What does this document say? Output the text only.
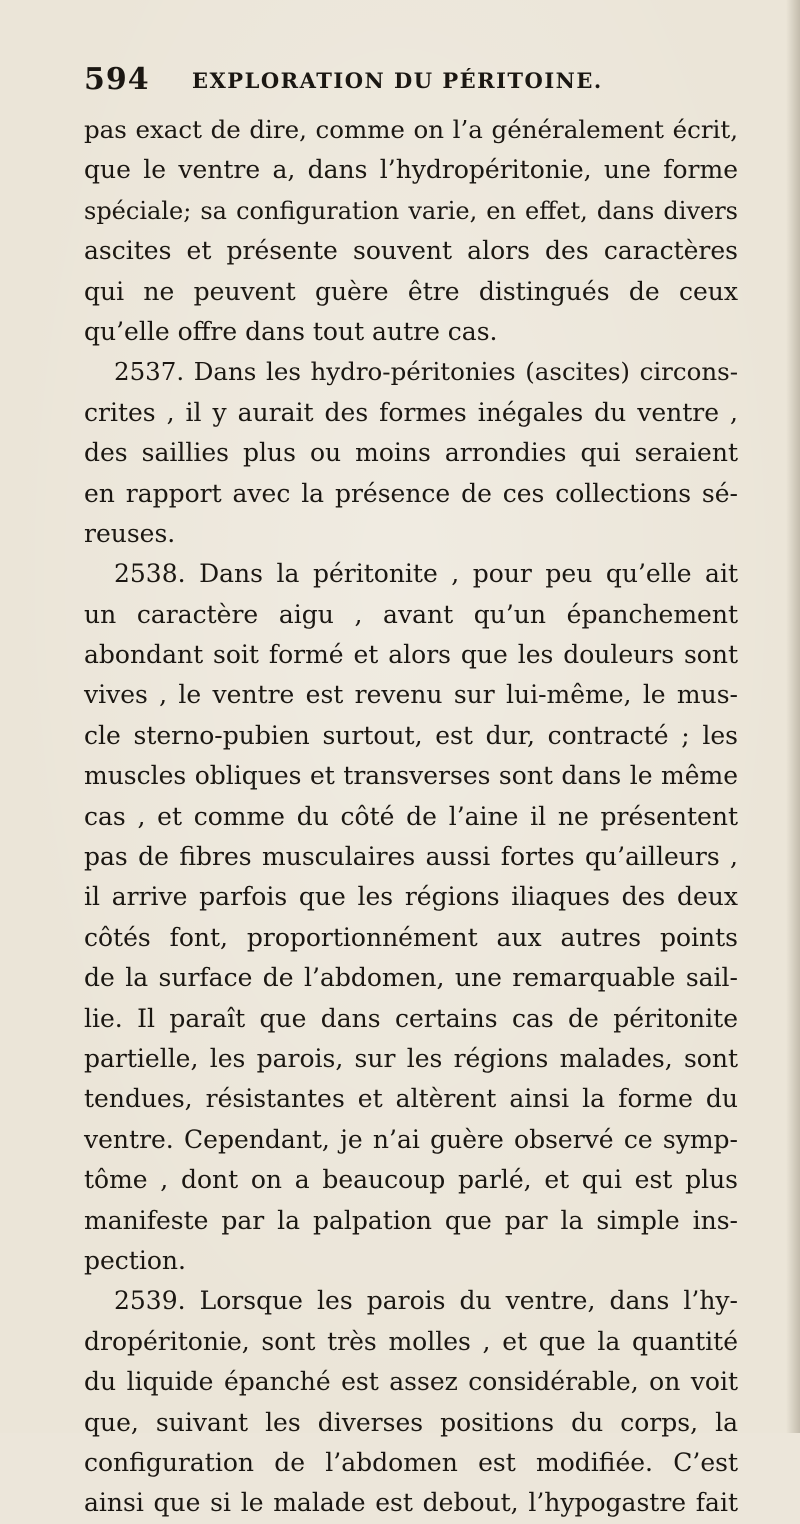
594 EXPLORATION DU PÉRITOINE.
pas exact de dire, comme on l’a généralement écrit,
que le ventre a, dans l’hydropéritonie, une forme
spéciale; sa configuration varie, en effet, dans divers
ascites et présente souvent alors des caractères
qui ne peuvent guère être distingués de ceux
qu’elle offre dans tout autre cas.
2537. Dans les hydro-péritonies (ascites) circons-
crites , il y aurait des formes inégales du ventre ,
des saillies plus ou moins arrondies qui seraient
en rapport avec la présence de ces collections sé-
reuses.
2538. Dans la péritonite , pour peu qu’elle ait
un caractère aigu , avant qu’un épanchement
abondant soit formé et alors que les douleurs sont
vives , le ventre est revenu sur lui-même, le mus-
cle sterno-pubien surtout, est dur, contracté ; les
muscles obliques et transverses sont dans le même
cas , et comme du côté de l’aine il ne présentent
pas de fibres musculaires aussi fortes qu’ailleurs ,
il arrive parfois que les régions iliaques des deux
côtés font, proportionnément aux autres points
de la surface de l’abdomen, une remarquable sail-
lie. Il paraît que dans certains cas de péritonite
partielle, les parois, sur les régions malades, sont
tendues, résistantes et altèrent ainsi la forme du
ventre. Cependant, je n’ai guère observé ce symp-
tôme , dont on a beaucoup parlé, et qui est plus
manifeste par la palpation que par la simple ins-
pection.
2539. Lorsque les parois du ventre, dans l’hy-
dropéritonie, sont très molles , et que la quantité
du liquide épanché est assez considérable, on voit
que, suivant les diverses positions du corps, la
configuration de l’abdomen est modifiée. C’est
ainsi que si le malade est debout, l’hypogastre fait
